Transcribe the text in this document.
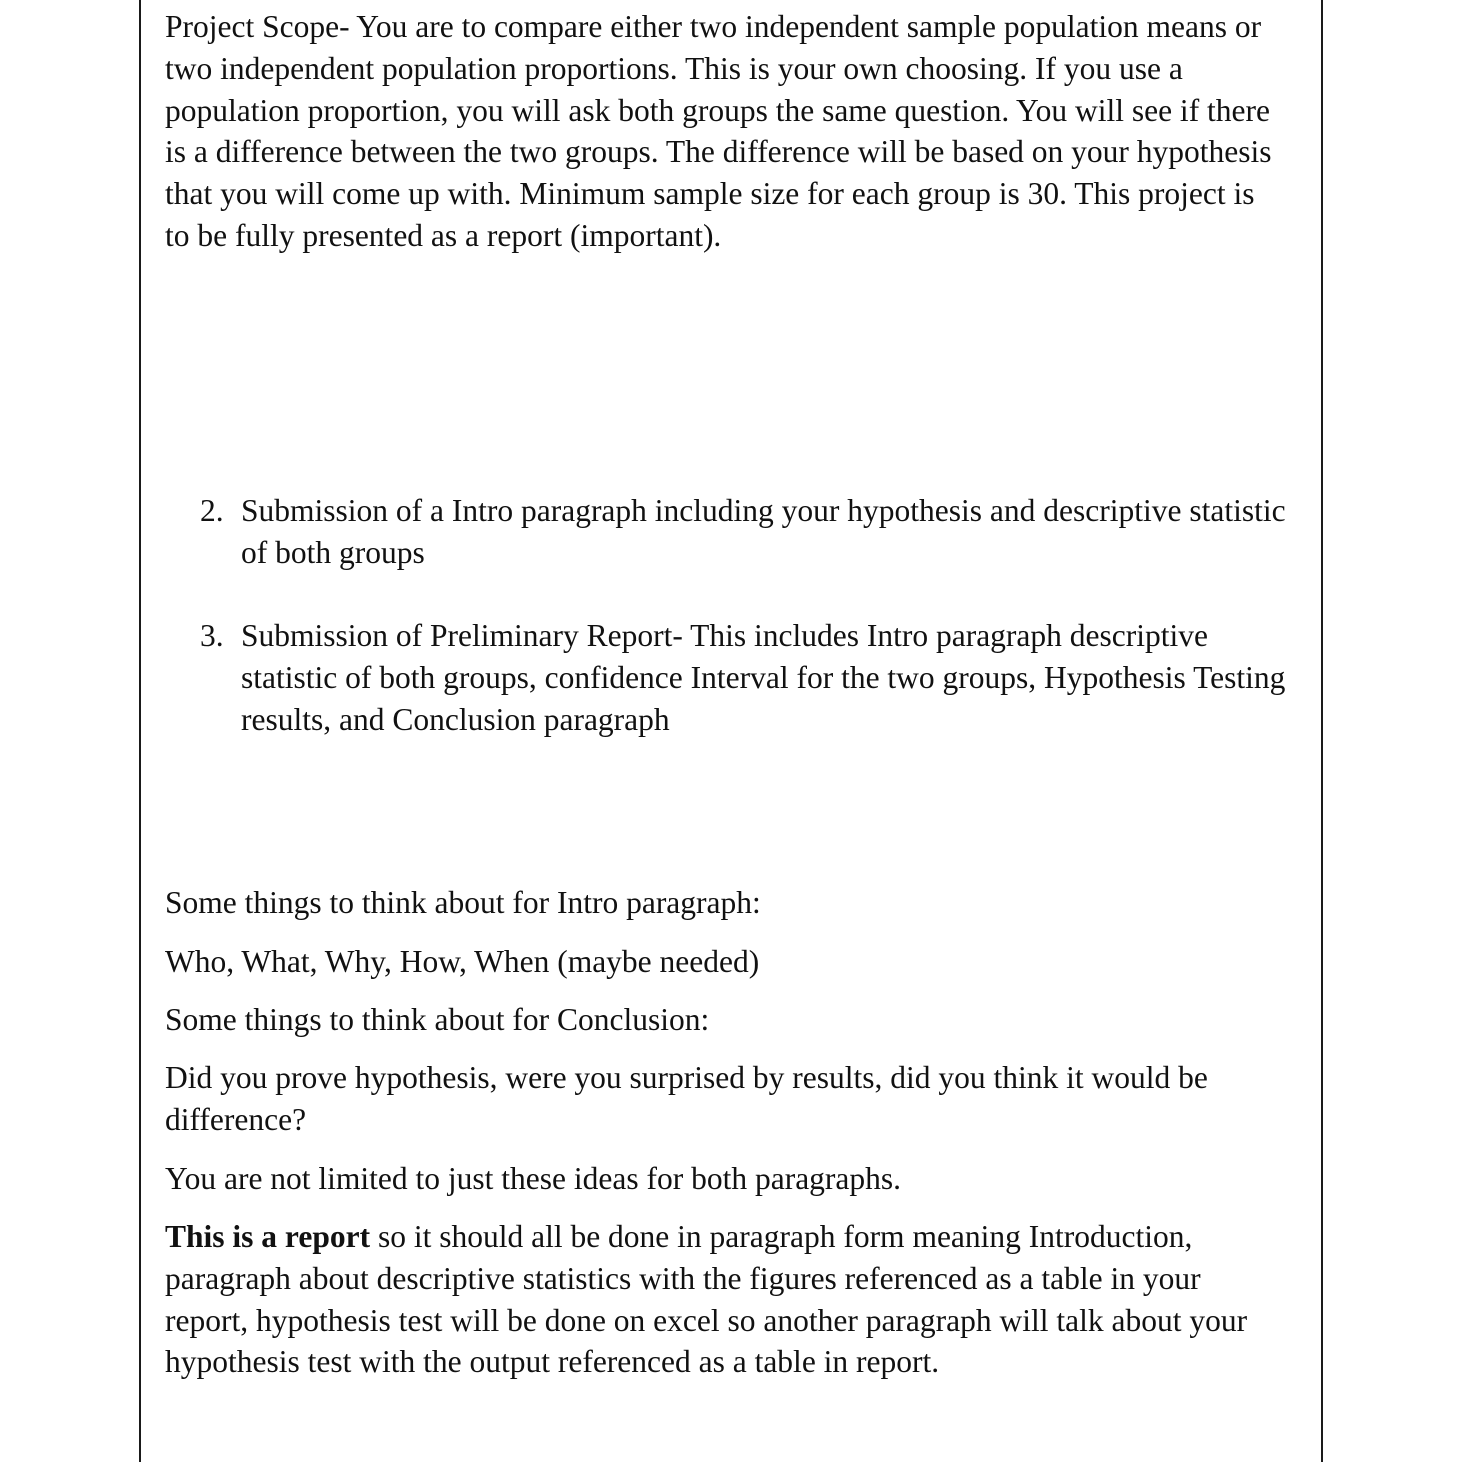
Project Scope- You are to compare either two independent sample population means or two independent population proportions. This is your own choosing. If you use a population proportion, you will ask both groups the same question. You will see if there is a difference between the two groups. The difference will be based on your hypothesis that you will come up with. Minimum sample size for each group is 30. This project is to be fully presented as a report (important).

2. Submission of a Intro paragraph including your hypothesis and descriptive statistic of both groups
3. Submission of Preliminary Report- This includes Intro paragraph descriptive statistic of both groups, confidence Interval for the two groups, Hypothesis Testing results, and Conclusion paragraph

Some things to think about for Intro paragraph:

Who, What, Why, How, When (maybe needed)

Some things to think about for Conclusion:

Did you prove hypothesis, were you surprised by results, did you think it would be difference?

You are not limited to just these ideas for both paragraphs.

This is a report so it should all be done in paragraph form meaning Introduction, paragraph about descriptive statistics with the figures referenced as a table in your report, hypothesis test will be done on excel so another paragraph will talk about your hypothesis test with the output referenced as a table in report.
